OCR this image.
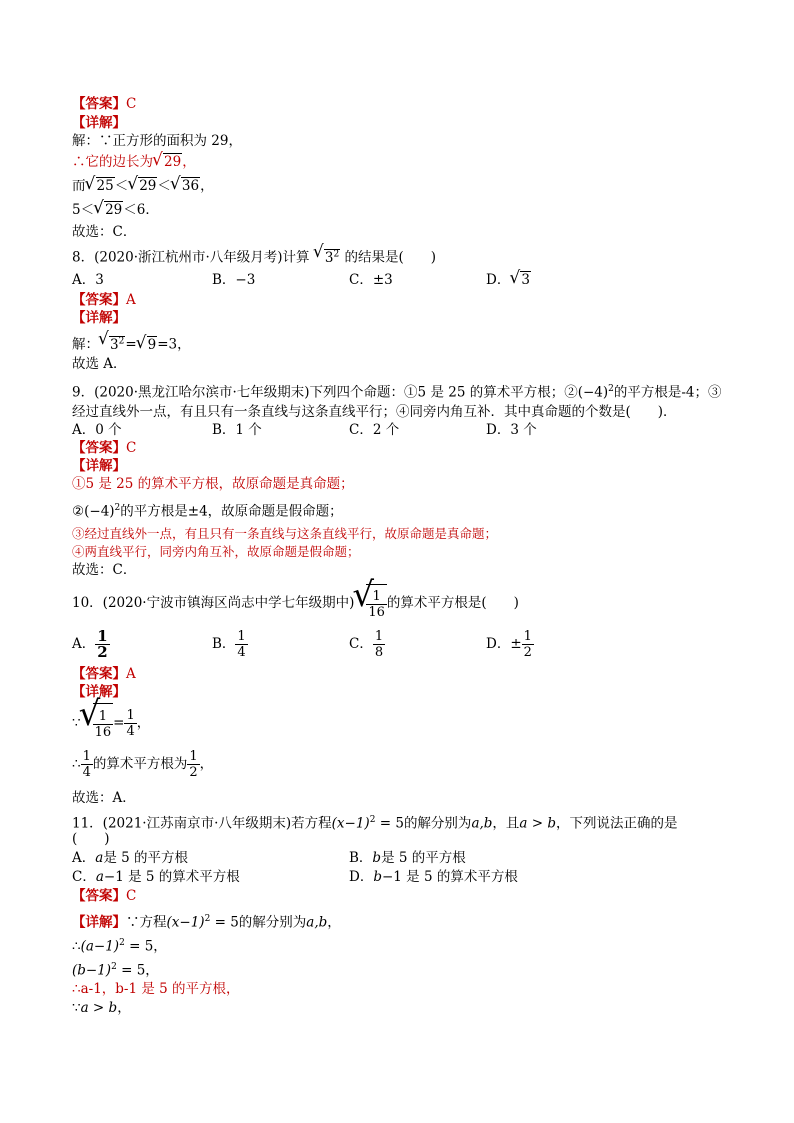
【答案】C
【详解】
解：∵正方形的面积为 29，
∴它的边长为√ 29，
而√ 25＜√ 29＜√ 36，
5＜√ 29＜6．
故选：C．
8．(2020·浙江杭州市·八年级月考)计算 √ $3^2$ 的结果是(　　)
A．3	B．−3	C．±3	D．√ 3
【答案】A
【详解】
解：√ $3^2=√$ 9=3，
故选 A．
9．(2020·黑龙江哈尔滨市·七年级期末)下列四个命题：①5 是 25 的算术平方根；$②(-4)^2$的平方根是-4；③
经过直线外一点，有且只有一条直线与这条直线平行；④同旁内角互补．其中真命题的个数是(　　)．
A．0 个	B．1 个	C．2 个	D．3 个
【答案】C
【详解】
①5 是 25 的算术平方根，故原命题是真命题；
$②(-4)^2$的平方根是±4，故原命题是假命题；
③经过直线外一点，有且只有一条直线与这条直线平行，故原命题是真命题；
④两直线平行，同旁内角互补，故原命题是假命题；
故选：C．
10．(2020·宁波市镇海区尚志中学七年级期中)
√ $\frac{1}{16}$ 的算术平方根是(　　)
A． $\frac{1}{2}$	B． $\frac{1}{4}$	C． $\frac{1}{8}$	D．± $\frac{1}{2}$
【答案】A
【详解】
∵
√ $\frac{1}{16} = \frac{1}{4}$ ，
∴ $\frac{1}{4}$ 的算术平方根为 $\frac{1}{2}$ ，
故选：A．
11．(2021·江苏南京市·八年级期末)若方程$(x-1)^2 = 5$的解分别为a,b，且a > b，下列说法正确的是
(　　)
A．a是 5 的平方根	B．b是 5 的平方根
C．a−1 是 5 的算术平方根	D．b−1 是 5 的算术平方根
【答案】C
【详解】∵方程$(x-1)^2 = 5$的解分别为a,b，
$\therefore(a-1)^2 = 5$，
$(b-1)^2 = 5$，
∴a-1，b-1 是 5 的平方根，
∵a > b，
